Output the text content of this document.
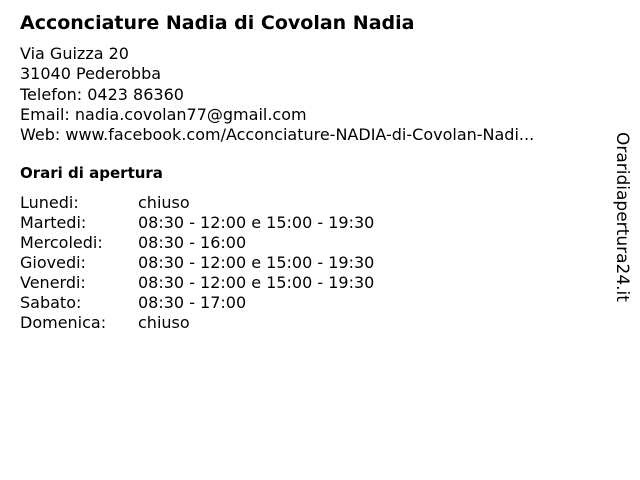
Acconciature Nadia di Covolan Nadia
Via Guizza 20
31040 Pederobba
Telefon: 0423 86360
Email: nadia.covolan77@gmail.com
Web: www.facebook.com/Acconciature-NADIA-di-Covolan-Nadi...
Orari di apertura
Lunedi:	chiuso
Martedi:	08:30 - 12:00 e 15:00 - 19:30
Mercoledi:	08:30 - 16:00
Giovedi:	08:30 - 12:00 e 15:00 - 19:30
Venerdi:	08:30 - 12:00 e 15:00 - 19:30
Sabato:	08:30 - 17:00
Domenica:	chiuso
Oraridiapertura24.it
